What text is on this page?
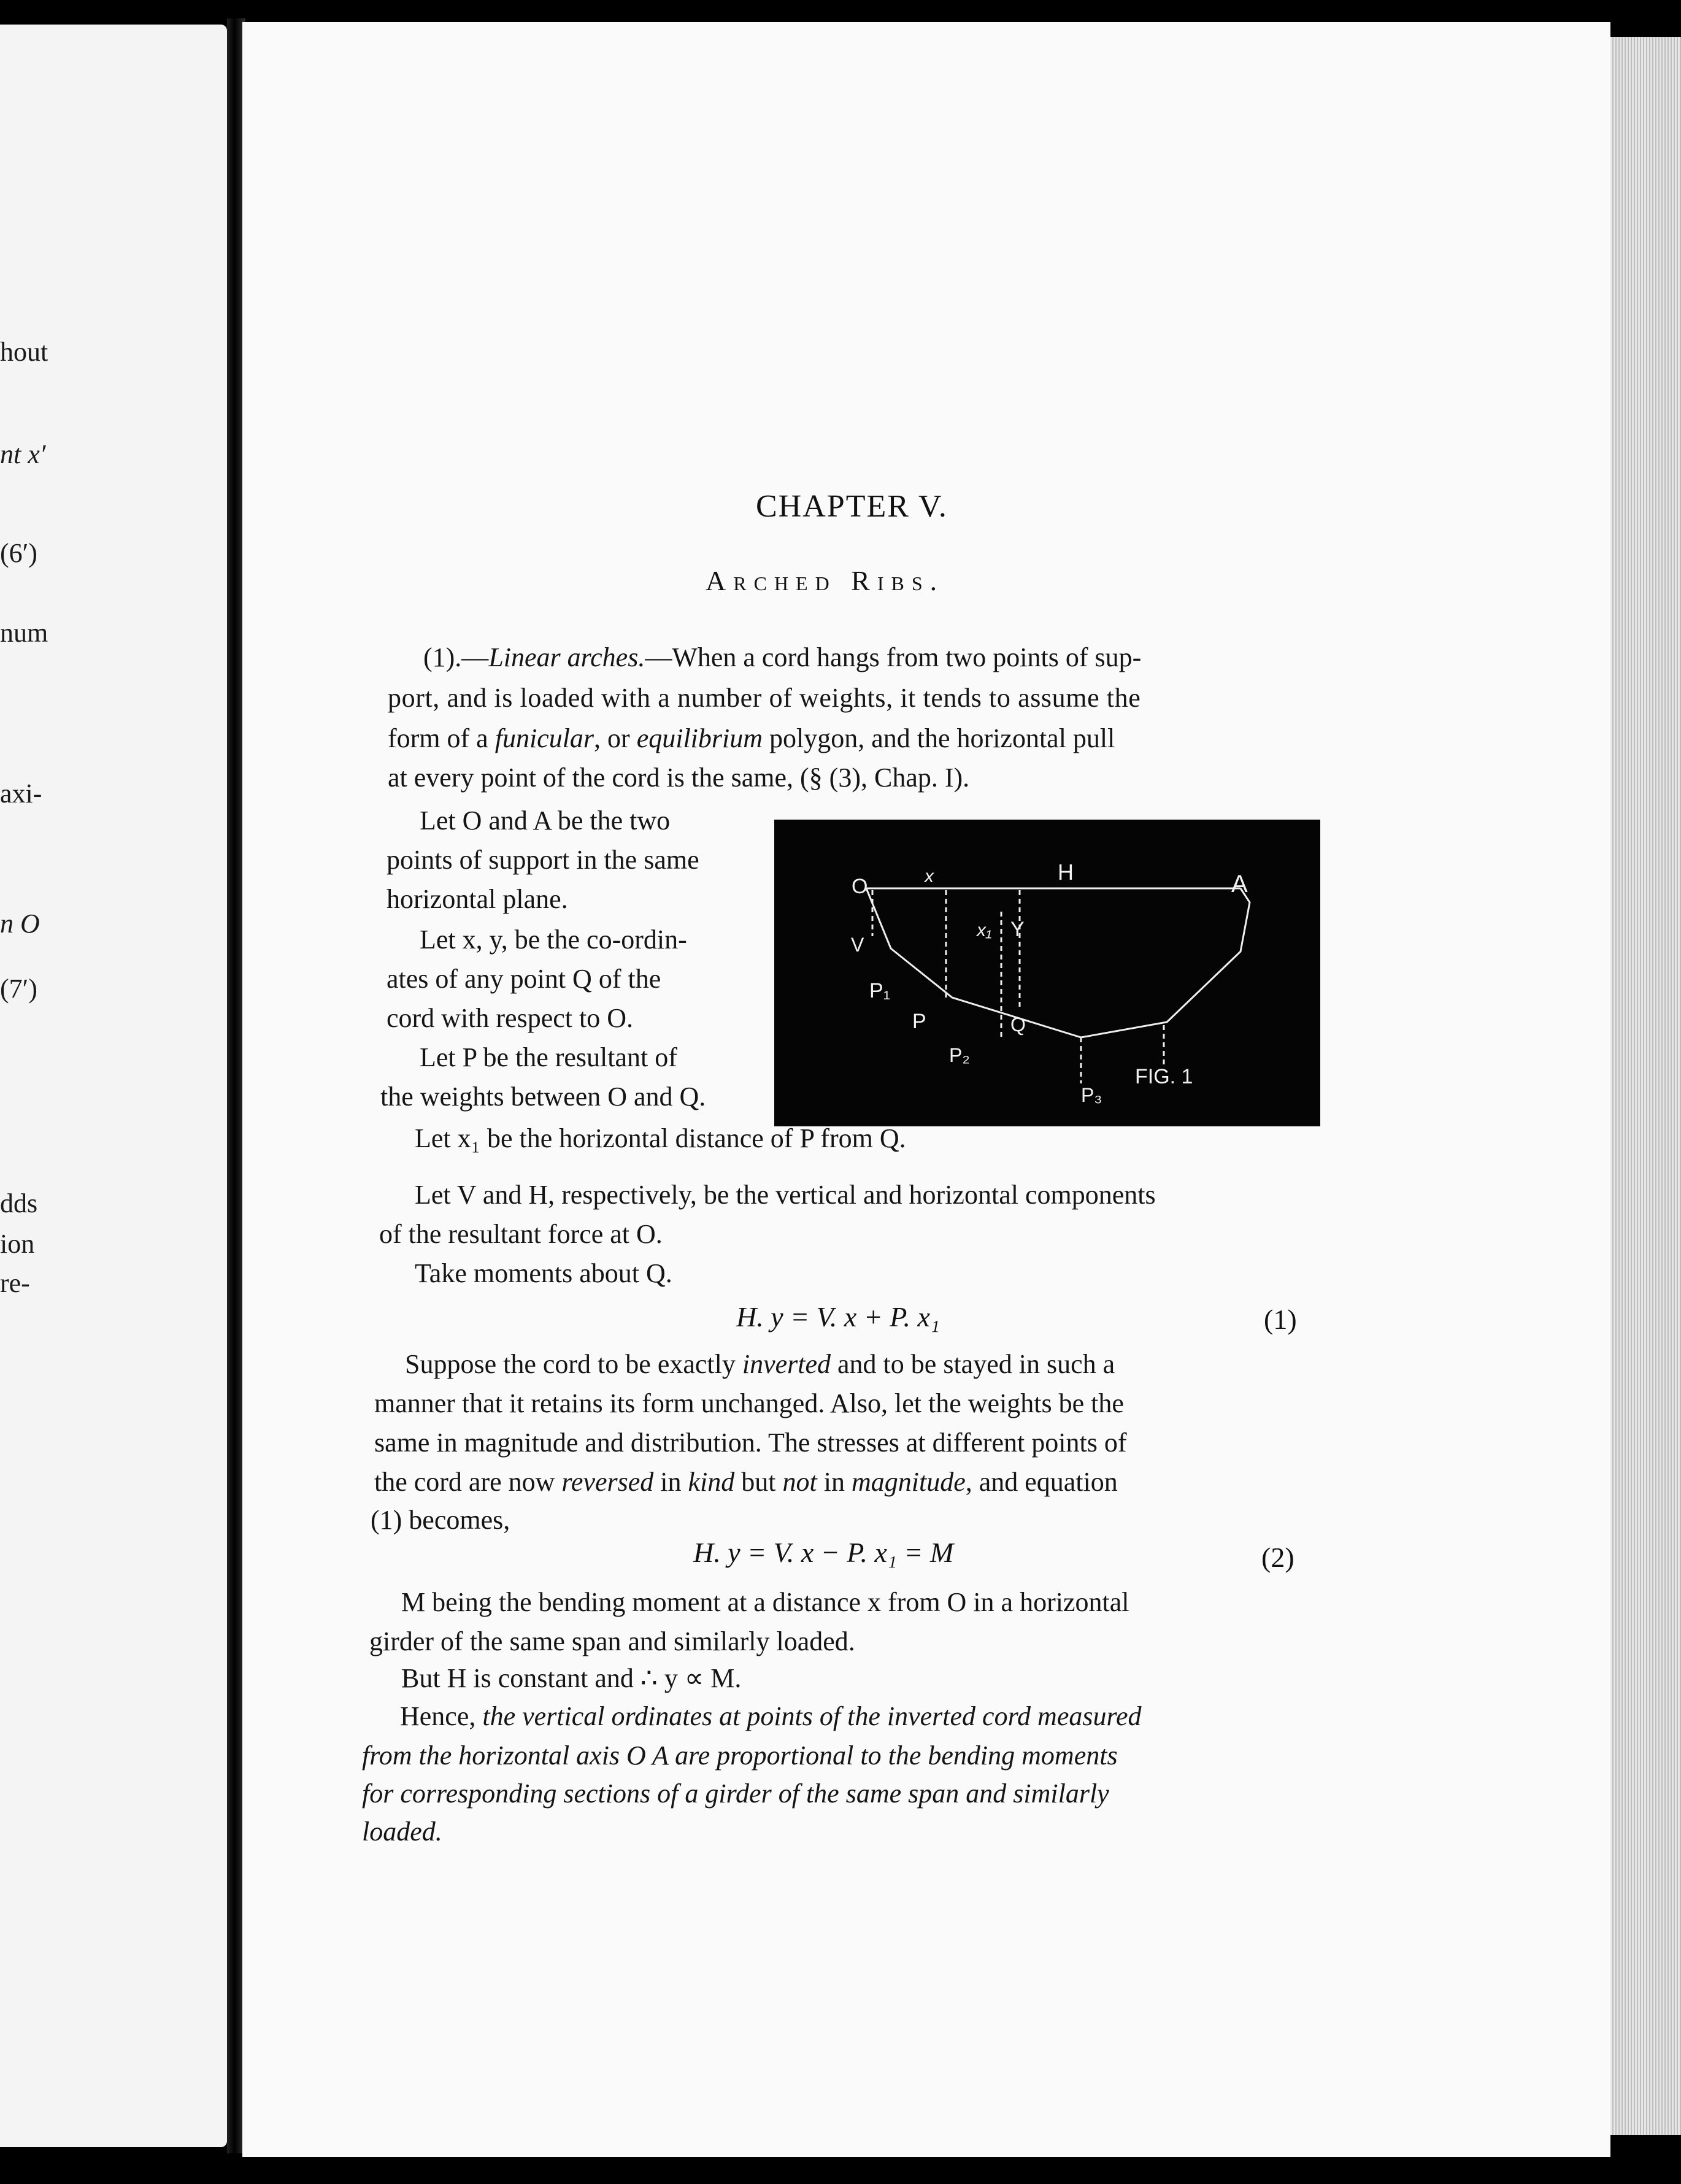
hout
nt x′
(6′)
num
axi-
n O
(7′)
dds
ion
re-
CHAPTER V.
Arched Ribs.
(1).—Linear arches.—When a cord hangs from two points of sup-
port, and is loaded with a number of weights, it tends to assume the
form of a funicular, or equilibrium polygon, and the horizontal pull
at every point of the cord is the same, (§ (3), Chap. I).
Let O and A be the two
points of support in the same
horizontal plane.
Let x, y, be the co-ordin-
ates of any point Q of the
cord with respect to O.
Let P be the resultant of
the weights between O and Q.
O	x	H	A
x₁ Y
V
P₁
P	Q
P₂
P₃
FIG. 1
Let x₁ be the horizontal distance of P from Q.
Let V and H, respectively, be the vertical and horizontal components
of the resultant force at O.
Take moments about Q.
H. y = V. x + P. x₁	(1)
Suppose the cord to be exactly inverted and to be stayed in such a
manner that it retains its form unchanged. Also, let the weights be the
same in magnitude and distribution. The stresses at different points of
the cord are now reversed in kind but not in magnitude, and equation
(1) becomes,
H. y = V. x − P. x₁ = M	(2)
M being the bending moment at a distance x from O in a horizontal
girder of the same span and similarly loaded.
But H is constant and ∴ y ∝ M.
Hence, the vertical ordinates at points of the inverted cord measured
from the horizontal axis O A are proportional to the bending moments
for corresponding sections of a girder of the same span and similarly
loaded.
